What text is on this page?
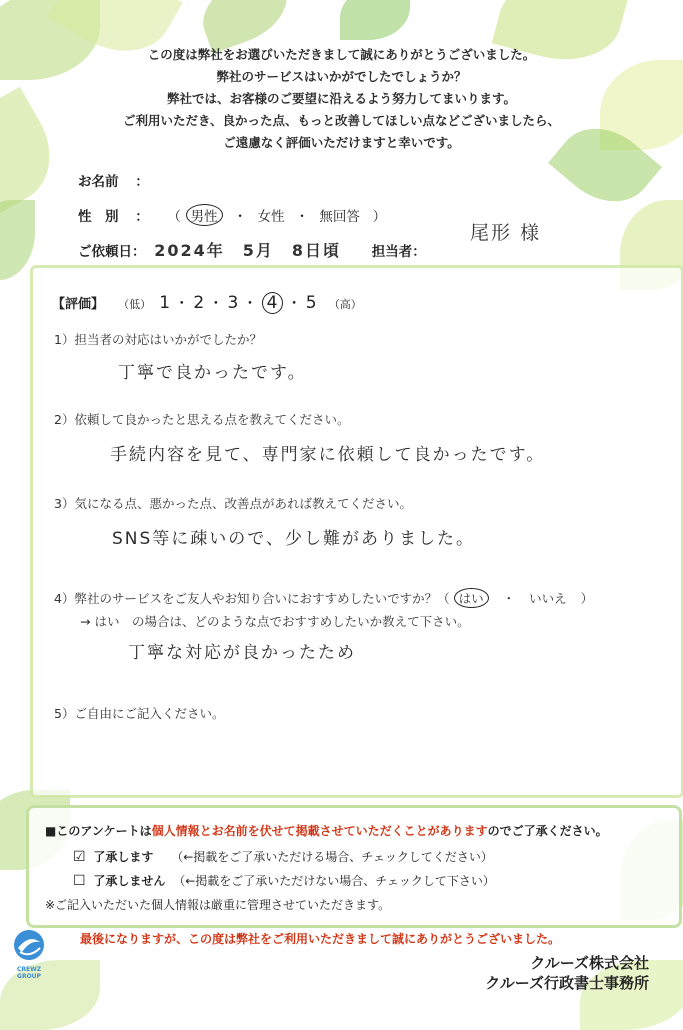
この度は弊社をお選びいただきまして誠にありがとうございました。
弊社のサービスはいかがでしたでしょうか？
弊社では、お客様のご要望に沿えるよう努力してまいります。
ご利用いただき、良かった点、もっと改善してほしい点などございましたら、
ご遠慮なく評価いただけますと幸いです。
お名前 ：
性　別 ： （ 男性 ・ 女性 ・ 無回答 ）
ご依頼日： 2024年　5月　8日頃 担当者：
尾形 様
【評価】 （低） 1 ・ 2 ・ 3 ・ 4 ・ 5 （高）
1）担当者の対応はいかがでしたか？
丁寧で良かったです。
2）依頼して良かったと思える点を教えてください。
手続内容を見て、専門家に依頼して良かったです。
3）気になる点、悪かった点、改善点があれば教えてください。
SNS等に疎いので、少し難がありました。
4）弊社のサービスをご友人やお知り合いにおすすめしたいですか？（ はい ・ いいえ ）
→ はい　の場合は、どのような点でおすすめしたいか教えて下さい。
丁寧な対応が良かったため
5）ご自由にご記入ください。
■このアンケートは個人情報とお名前を伏せて掲載させていただくことがありますのでご了承ください。
☑ 了承します （←掲載をご了承いただける場合、チェックしてください）
☐ 了承しません （←掲載をご了承いただけない場合、チェックして下さい）
※ご記入いただいた個人情報は厳重に管理させていただきます。
最後になりますが、この度は弊社をご利用いただきまして誠にありがとうございました。
CREWZ
GROUP
クルーズ株式会社
クルーズ行政書士事務所
